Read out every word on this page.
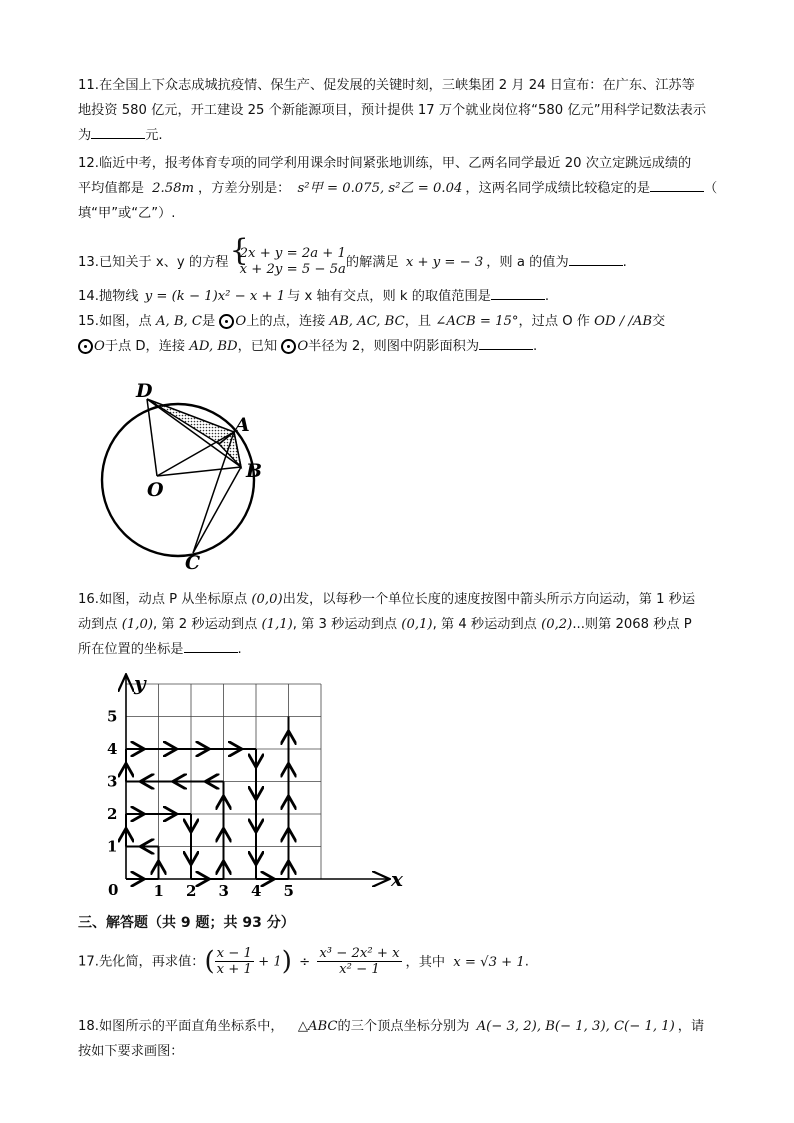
11.在全国上下众志成城抗疫情、保生产、促发展的关键时刻，三峡集团 2 月 24 日宣布：在广东、江苏等
地投资 580 亿元，开工建设 25 个新能源项目，预计提供 17 万个就业岗位将“580 亿元”用科学记数法表示
为	元.
12.临近中考，报考体育专项的同学利用课余时间紧张地训练，甲、乙两名同学最近 20 次立定跳远成绩的
平均值都是 2.58m ，方差分别是： s²甲 = 0.075, s²乙 = 0.04 ，这两名同学成绩比较稳定的是	（
填“甲”或“乙”）.
13.已知关于 x、y 的方程
{ 2x + y = 2a + 1
x + 2y = 5 − 5a 的解满足 x + y = − 3 ，则 a 的值为	.
14.抛物线 y = (k − 1)x² − x + 1 与 x 轴有交点，则 k 的取值范围是	.
15.如图，点 A, B, C是 O上的点，连接 AB, AC, BC，且 ∠ACB = 15°，过点 O 作 OD / /AB交
O于点 D，连接 AD, BD，已知 O半径为 2，则图中阴影面积为	.
D
A
O
B
C
16.如图，动点 P 从坐标原点 (0,0)出发，以每秒一个单位长度的速度按图中箭头所示方向运动，第 1 秒运
动到点 (1,0), 第 2 秒运动到点 (1,1), 第 3 秒运动到点 (0,1), 第 4 秒运动到点 (0,2)...则第 2068 秒点 P
所在位置的坐标是	.
1 2 3 4 5
1
2
3
4
5
y
x
0
三、解答题（共 9 题；共 93 分）
17.先化简，再求值：( $\frac{x - 1}{x + 1} + 1) \div \frac{\text{x³ − 2x² + x}}{\text{x² − 1}}$ ，其中 x = √3 + 1.
18.如图所示的平面直角坐标系中， △ABC的三个顶点坐标分别为 A(− 3, 2), B(− 1, 3), C(− 1, 1) ，请
按如下要求画图：
